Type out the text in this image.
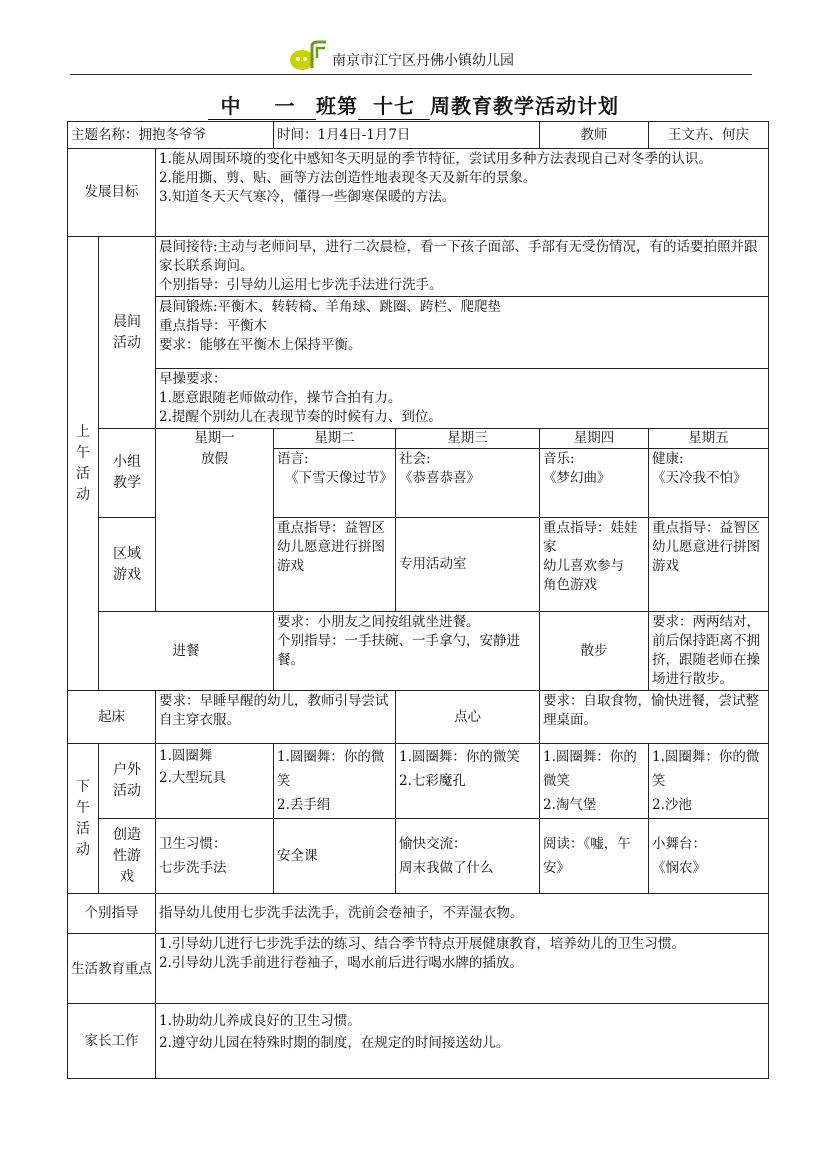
南京市江宁区丹佛小镇幼儿园
中 一 班第 十七 周教育教学活动计划
主题名称：拥抱冬爷爷			时间：1月4日-1月7日		教师	王文卉、何庆
发展目标		1.能从周围环境的变化中感知冬天明显的季节特征，尝试用多种方法表现自己对冬季的认识。
2.能用撕、剪、贴、画等方法创造性地表现冬天及新年的景象。
3.知道冬天天气寒冷，懂得一些御寒保暖的方法。				

上午活动	晨间活动	晨间接待:主动与老师问早，进行二次晨检，看一下孩子面部、手部有无受伤情况，有的话要拍照并跟家长联系询问。
个别指导：引导幼儿运用七步洗手法进行洗手。				

		晨间锻炼:平衡木、转转椅、羊角球、跳圈、跨栏、爬爬垫
重点指导：平衡木
要求：能够在平衡木上保持平衡。				

		早操要求：
1.愿意跟随老师做动作，操节合拍有力。
2.提醒个别幼儿在表现节奏的时候有力、到位。				

	小组教学	星期一	星期二	星期三	星期四	星期五
		放假	语言:
《下雪天像过节》	社会:
《恭喜恭喜》	音乐:
《梦幻曲》	健康:
《天冷我不怕》

	区域游戏		重点指导：益智区
幼儿愿意进行拼图游戏	专用活动室	重点指导：娃娃家
幼儿喜欢参与
角色游戏	重点指导：益智区
幼儿愿意进行拼图游戏

	进餐		要求：小朋友之间按组就坐进餐。
个别指导：一手扶碗、一手拿勺，安静进餐。		散步	要求：两两结对，前后保持距离不拥挤，跟随老师在操场进行散步。
起床		要求：早睡早醒的幼儿，教师引导尝试自主穿衣服。		点心	要求：自取食物，愉快进餐，尝试整理桌面。	
下午活动	户外活动	1.圆圈舞
2.大型玩具	1.圆圈舞：你的微笑
2.丢手绢	1.圆圈舞：你的微笑
2.七彩魔孔	1.圆圈舞：你的微笑
2.淘气堡	1.圆圈舞：你的微笑
2.沙池

	创造性游戏	卫生习惯：
七步洗手法	安全课	愉快交流：
周末我做了什么	阅读：《嘘，午安》	小舞台：
《悯农》

个别指导		指导幼儿使用七步洗手法洗手，洗前会卷袖子，不弄湿衣物。				
生活教育重点		1.引导幼儿进行七步洗手法的练习、结合季节特点开展健康教育，培养幼儿的卫生习惯。
2.引导幼儿洗手前进行卷袖子，喝水前后进行喝水牌的插放。				

家长工作		1.协助幼儿养成良好的卫生习惯。
2.遵守幼儿园在特殊时期的制度，在规定的时间接送幼儿。				
